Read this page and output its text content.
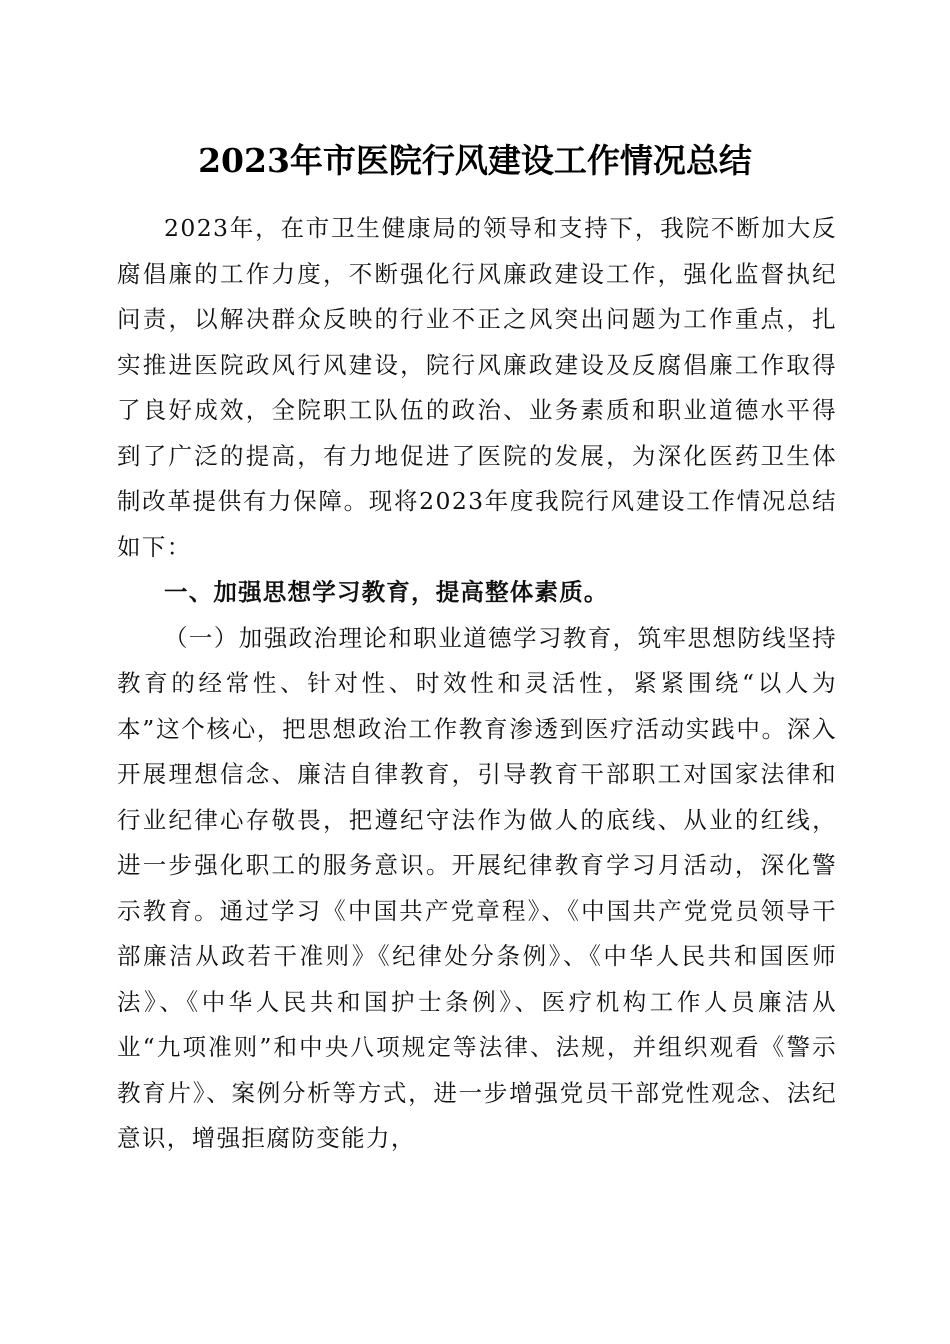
2023年市医院行风建设工作情况总结

2023年，在市卫生健康局的领导和支持下，我院不断加大反腐倡廉的工作力度，不断强化行风廉政建设工作，强化监督执纪问责，以解决群众反映的行业不正之风突出问题为工作重点，扎实推进医院政风行风建设，院行风廉政建设及反腐倡廉工作取得了良好成效，全院职工队伍的政治、业务素质和职业道德水平得到了广泛的提高，有力地促进了医院的发展，为深化医药卫生体制改革提供有力保障。现将2023年度我院行风建设工作情况总结如下：

一、加强思想学习教育，提高整体素质。

（一）加强政治理论和职业道德学习教育，筑牢思想防线坚持教育的经常性、针对性、时效性和灵活性，紧紧围绕“以人为本”这个核心，把思想政治工作教育渗透到医疗活动实践中。深入开展理想信念、廉洁自律教育，引导教育干部职工对国家法律和行业纪律心存敬畏，把遵纪守法作为做人的底线、从业的红线，进一步强化职工的服务意识。开展纪律教育学习月活动，深化警示教育。通过学习《中国共产党章程》、《中国共产党党员领导干部廉洁从政若干准则》《纪律处分条例》、《中华人民共和国医师法》、《中华人民共和国护士条例》、医疗机构工作人员廉洁从业“九项准则”和中央八项规定等法律、法规，并组织观看《警示教育片》、案例分析等方式，进一步增强党员干部党性观念、法纪意识，增强拒腐防变能力，
